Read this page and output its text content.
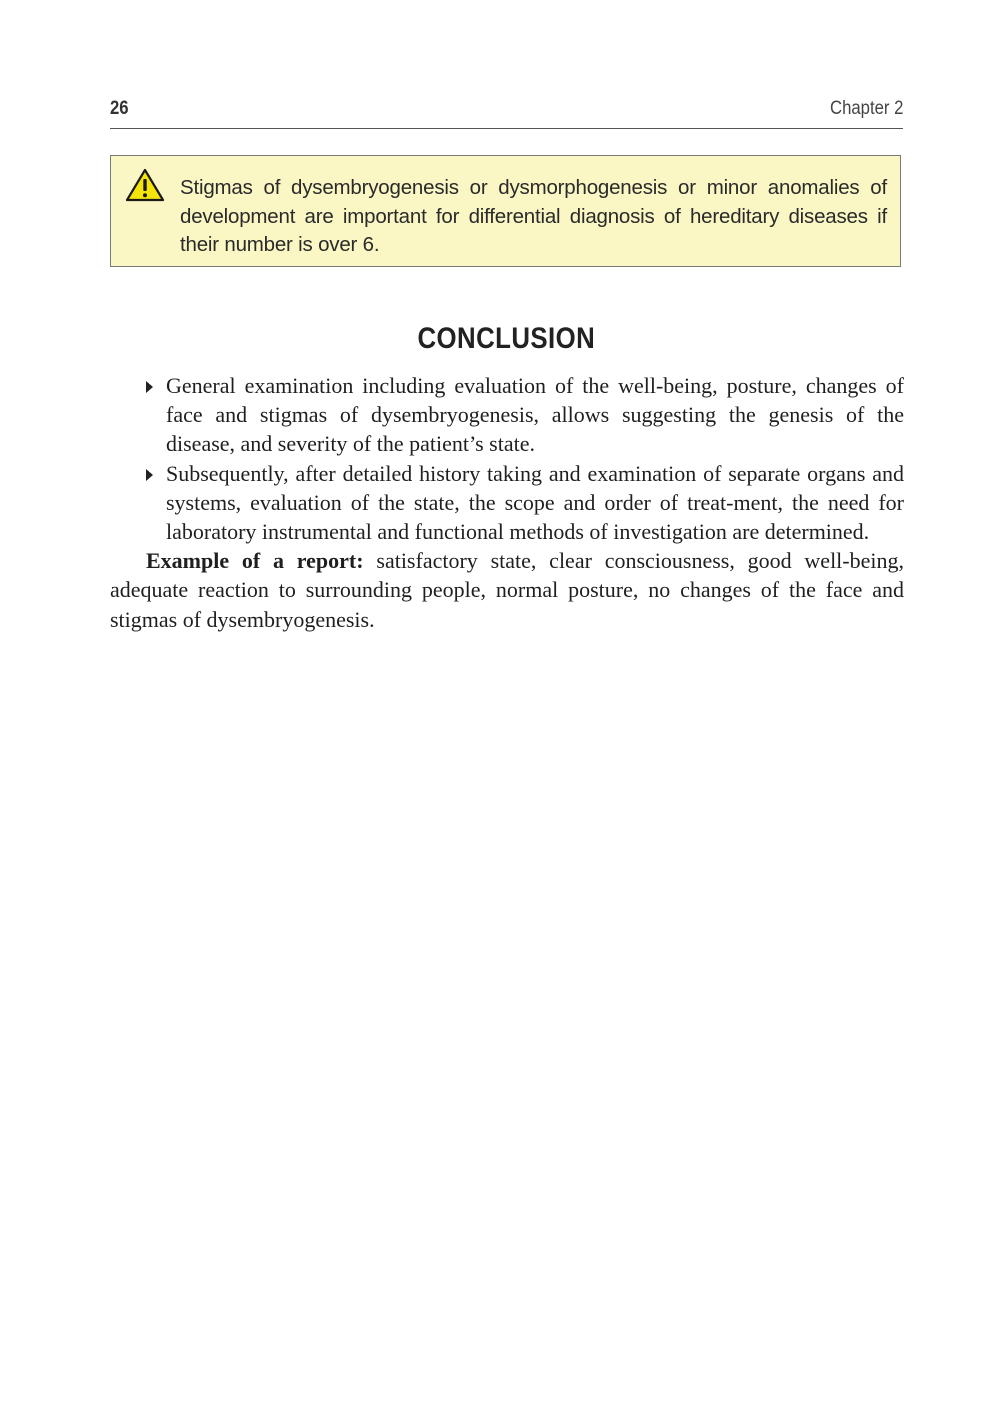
26	Chapter 2

Stigmas of dysembryogenesis or dysmorphogenesis or minor anomalies of development are important for differential diagnosis of hereditary diseases if their number is over 6.

CONCLUSION
General examination including evaluation of the well-being, posture, changes of face and stigmas of dysembryogenesis, allows suggesting the genesis of the disease, and severity of the patient’s state.
Subsequently, after detailed history taking and examination of separate organs and systems, evaluation of the state, the scope and order of treat-ment, the need for laboratory instrumental and functional methods of investigation are determined.

Example of a report: satisfactory state, clear consciousness, good well-being, adequate reaction to surrounding people, normal posture, no changes of the face and stigmas of dysembryogenesis.
